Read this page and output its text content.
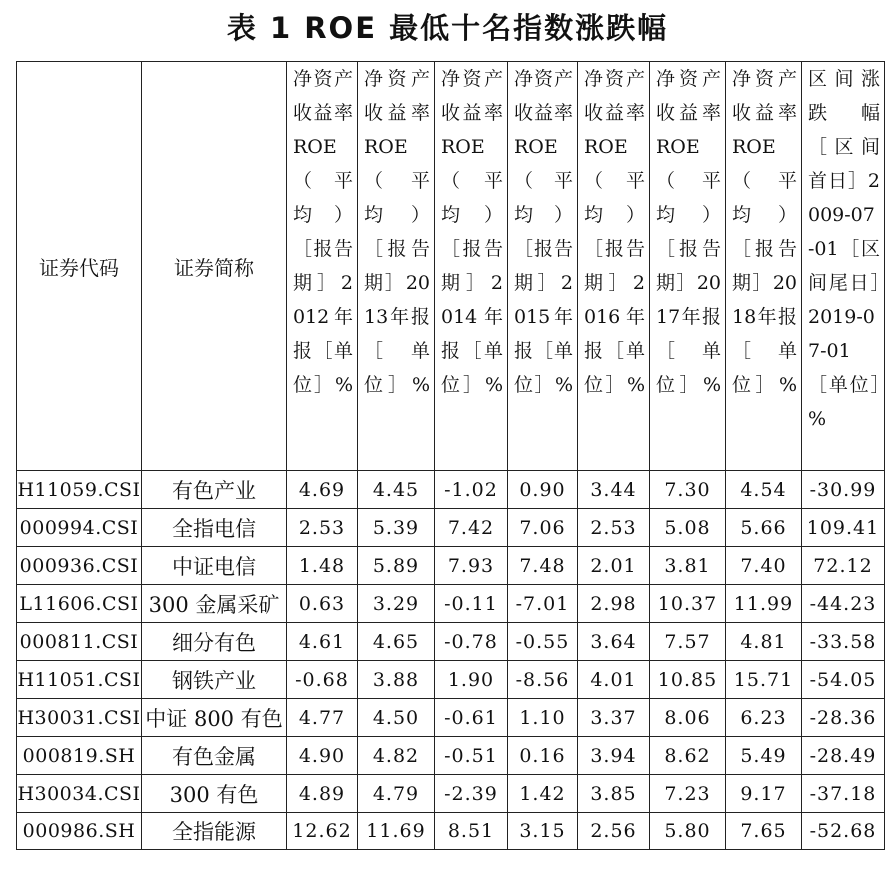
表 1 ROE 最低十名指数涨跌幅
证券代码	证券简称	净资产收益率ROE（平均）［报告期］2012年报［单位］%	净资产收益率ROE（平均）［报告期］2013年报［单位］%	净资产收益率ROE（平均）［报告期］2014年报［单位］%	净资产收益率ROE（平均）［报告期］2015年报［单位］%	净资产收益率ROE（平均）［报告期］2016年报［单位］%	净资产收益率ROE（平均）［报告期］2017年报［单位］%	净资产收益率ROE（平均）［报告期］2018年报［单位］%	区间涨跌幅［区间首日］2009-07-01［区间尾日］2019-07-01［单位］%
H11059.CSI	有色产业	4.69	4.45	-1.02	0.90	3.44	7.30	4.54	-30.99
000994.CSI	全指电信	2.53	5.39	7.42	7.06	2.53	5.08	5.66	109.41
000936.CSI	中证电信	1.48	5.89	7.93	7.48	2.01	3.81	7.40	72.12
L11606.CSI	300 金属采矿	0.63	3.29	-0.11	-7.01	2.98	10.37	11.99	-44.23
000811.CSI	细分有色	4.61	4.65	-0.78	-0.55	3.64	7.57	4.81	-33.58
H11051.CSI	钢铁产业	-0.68	3.88	1.90	-8.56	4.01	10.85	15.71	-54.05
H30031.CSI	中证 800 有色	4.77	4.50	-0.61	1.10	3.37	8.06	6.23	-28.36
000819.SH	有色金属	4.90	4.82	-0.51	0.16	3.94	8.62	5.49	-28.49
H30034.CSI	300 有色	4.89	4.79	-2.39	1.42	3.85	7.23	9.17	-37.18
000986.SH	全指能源	12.62	11.69	8.51	3.15	2.56	5.80	7.65	-52.68
